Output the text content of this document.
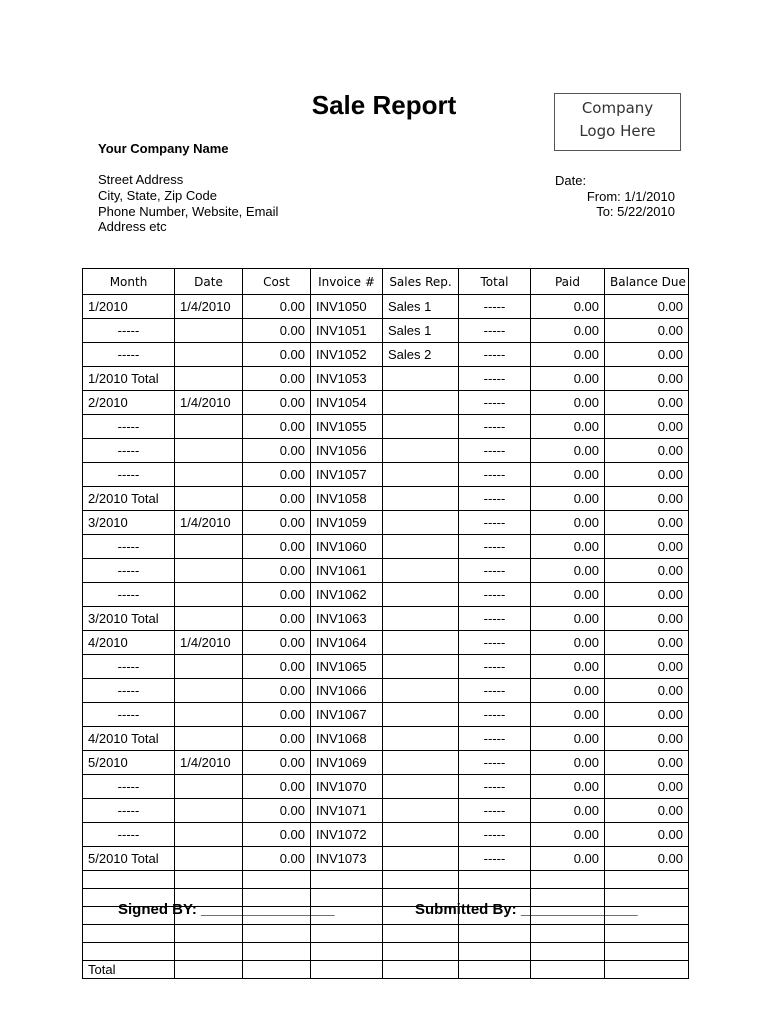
Sale Report	Company
Logo Here
Your Company Name
Street Address
City, State, Zip Code
Phone Number, Website, Email
Address etc
Date:
From: 1/1/2010
To: 5/22/2010
Month	Date	Cost	Invoice #	Sales Rep.	Total	Paid	Balance Due
1/2010	1/4/2010	0.00	INV1050	Sales 1	-----	0.00	0.00
-----		0.00	INV1051	Sales 1	-----	0.00	0.00
-----		0.00	INV1052	Sales 2	-----	0.00	0.00
1/2010 Total		0.00	INV1053		-----	0.00	0.00
2/2010	1/4/2010	0.00	INV1054		-----	0.00	0.00
-----		0.00	INV1055		-----	0.00	0.00
-----		0.00	INV1056		-----	0.00	0.00
-----		0.00	INV1057		-----	0.00	0.00
2/2010 Total		0.00	INV1058		-----	0.00	0.00
3/2010	1/4/2010	0.00	INV1059		-----	0.00	0.00
-----		0.00	INV1060		-----	0.00	0.00
-----		0.00	INV1061		-----	0.00	0.00
-----		0.00	INV1062		-----	0.00	0.00
3/2010 Total		0.00	INV1063		-----	0.00	0.00
4/2010	1/4/2010	0.00	INV1064		-----	0.00	0.00
-----		0.00	INV1065		-----	0.00	0.00
-----		0.00	INV1066		-----	0.00	0.00
-----		0.00	INV1067		-----	0.00	0.00
4/2010 Total		0.00	INV1068		-----	0.00	0.00
5/2010	1/4/2010	0.00	INV1069		-----	0.00	0.00
-----		0.00	INV1070		-----	0.00	0.00
-----		0.00	INV1071		-----	0.00	0.00
-----		0.00	INV1072		-----	0.00	0.00
5/2010 Total		0.00	INV1073		-----	0.00	0.00

Total							
Signed BY: ________________	Submitted By: ______________
